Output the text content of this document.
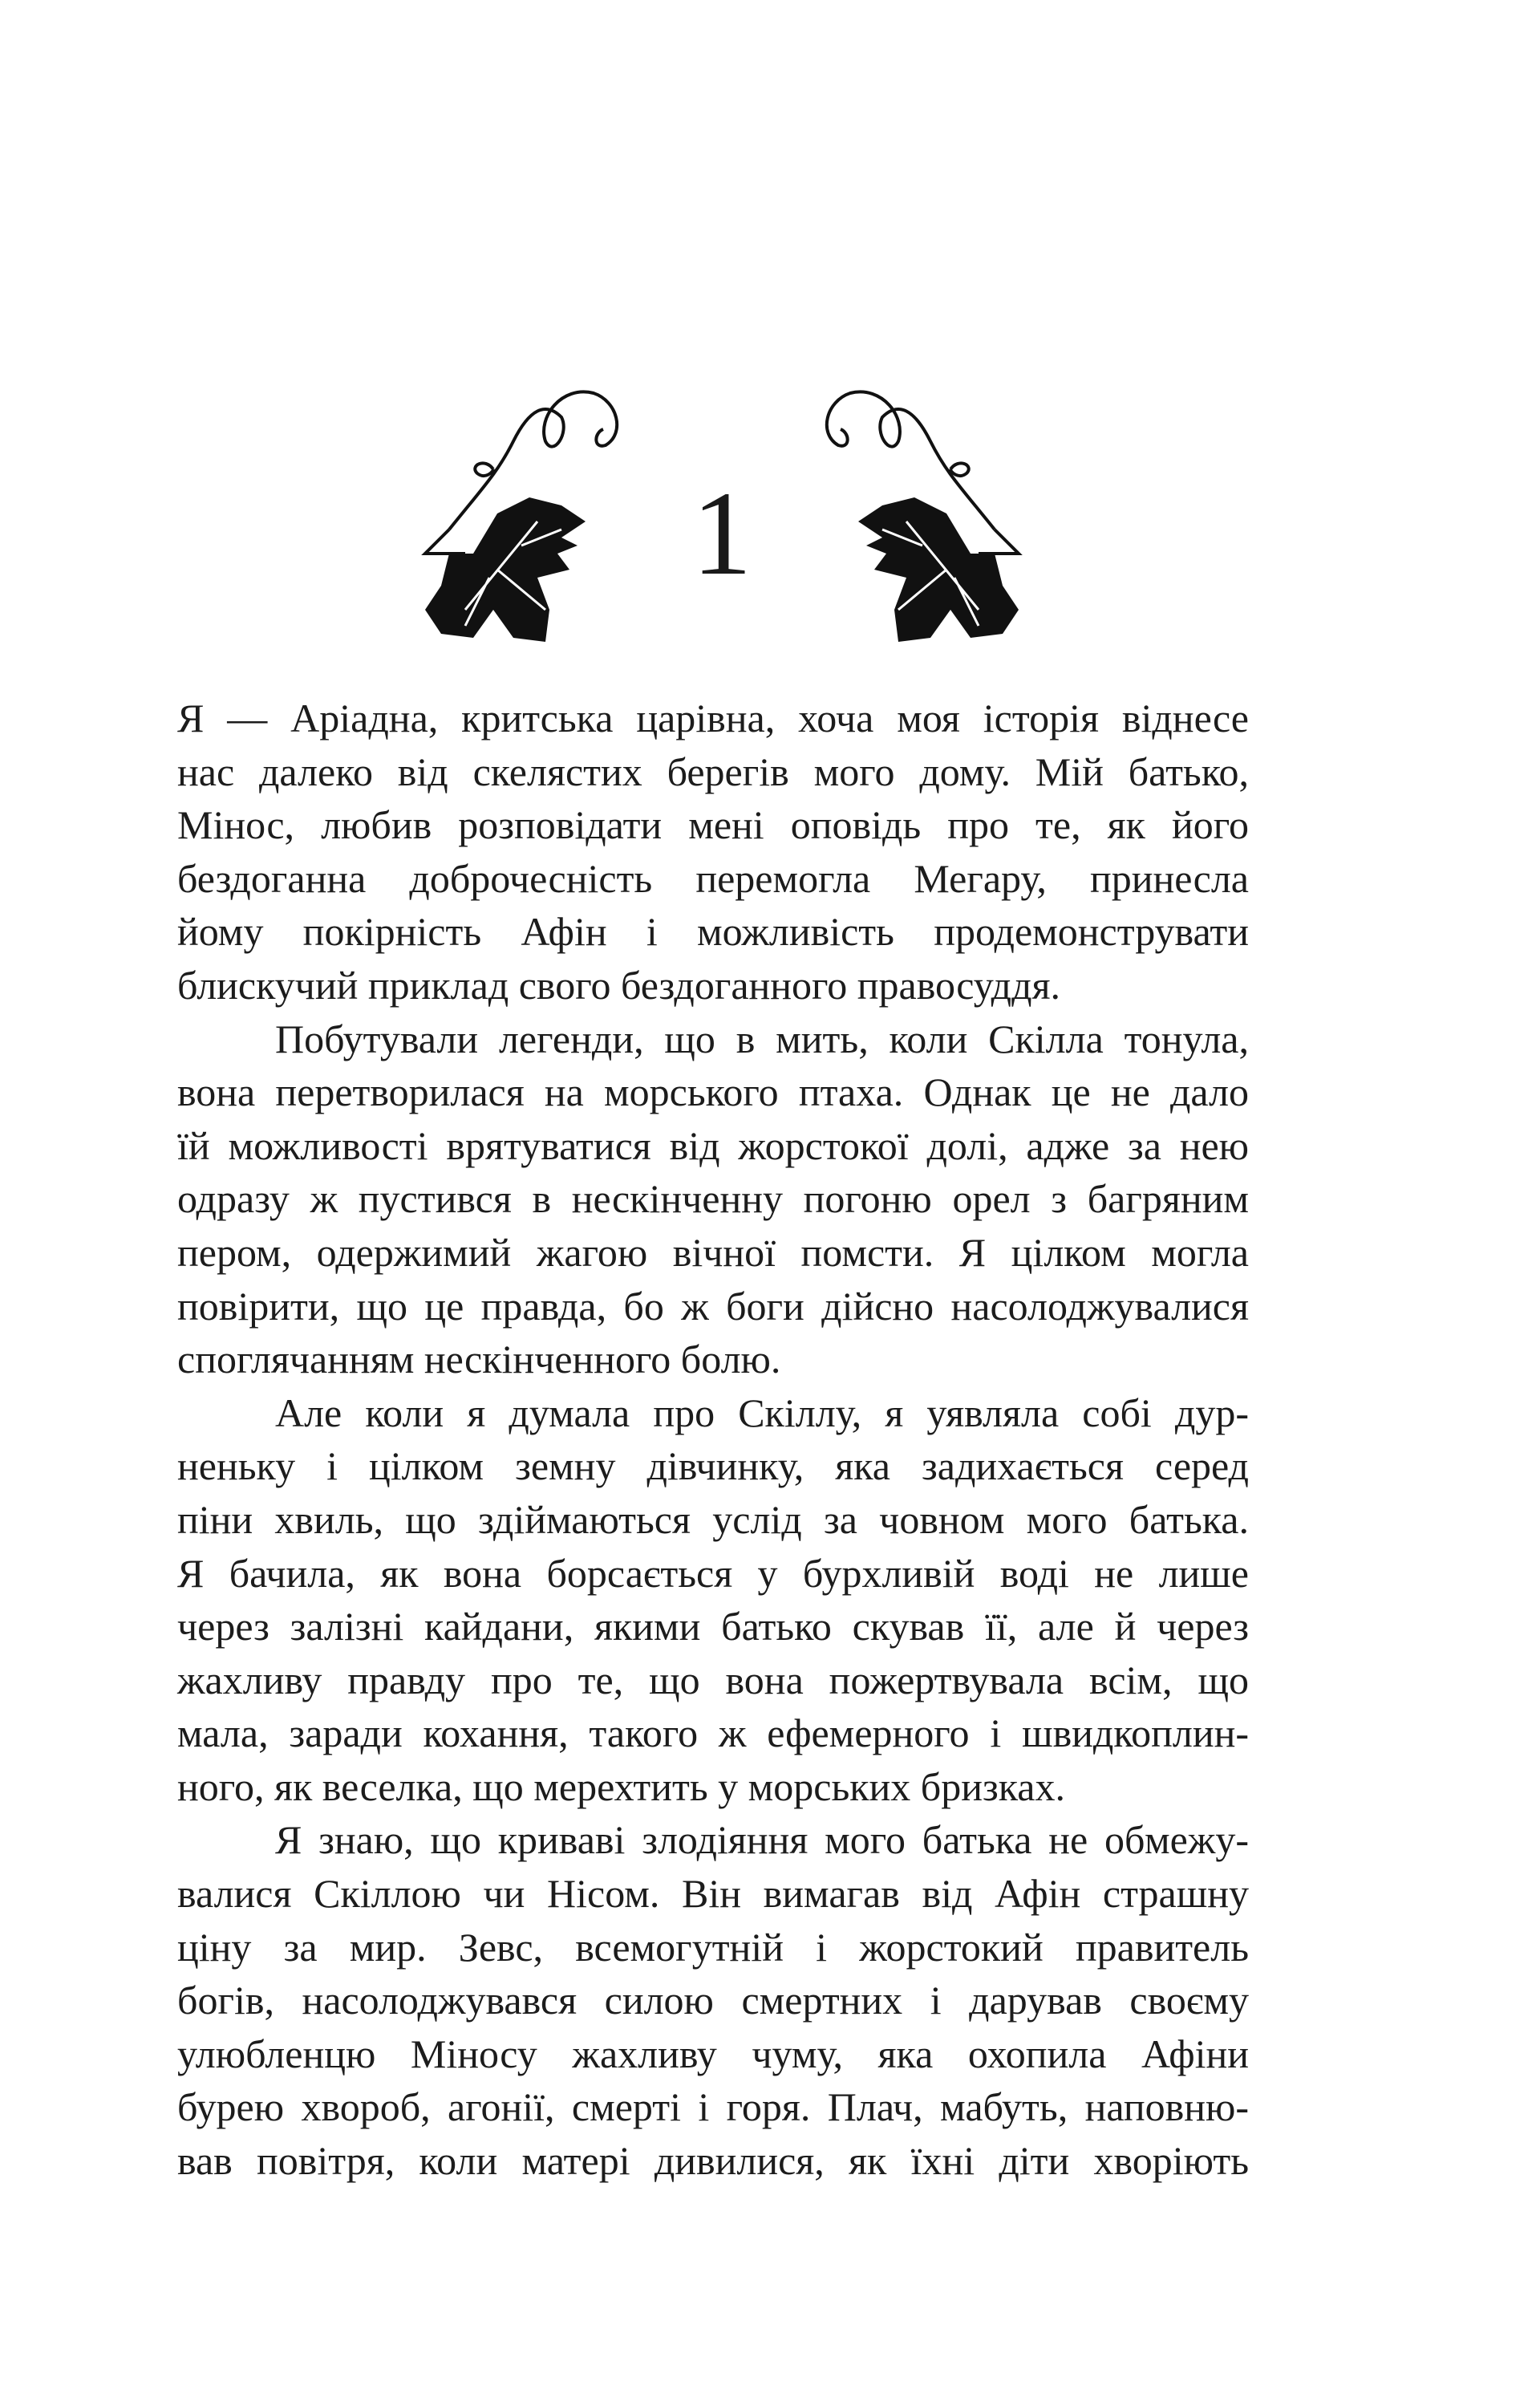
1
Я — Аріадна, критська царівна, хоча моя історія віднесе
нас далеко від скелястих берегів мого дому. Мій батько,
Мінос, любив розповідати мені оповідь про те, як його
бездоганна доброчесність перемогла Мегару, принесла
йому покірність Афін і можливість продемонструвати
блискучий приклад свого бездоганного правосуддя.
Побутували легенди, що в мить, коли Скілла тонула,
вона перетворилася на морського птаха. Однак це не дало
їй можливості врятуватися від жорстокої долі, адже за нею
одразу ж пустився в нескінченну погоню орел з багряним
пером, одержимий жагою вічної помсти. Я цілком могла
повірити, що це правда, бо ж боги дійсно насолоджувалися
споглячанням нескінченного болю.
Але коли я думала про Скіллу, я уявляла собі дур-
неньку і цілком земну дівчинку, яка задихається серед
піни хвиль, що здіймаються услід за човном мого батька.
Я бачила, як вона борсається у бурхливій воді не лише
через залізні кайдани, якими батько скував її, але й через
жахливу правду про те, що вона пожертвувала всім, що
мала, заради кохання, такого ж ефемерного і швидкоплин-
ного, як веселка, що мерехтить у морських бризках.
Я знаю, що криваві злодіяння мого батька не обмежу-
валися Скіллою чи Нісом. Він вимагав від Афін страшну
ціну за мир. Зевс, всемогутній і жорстокий правитель
богів, насолоджувався силою смертних і дарував своєму
улюбленцю Міносу жахливу чуму, яка охопила Афіни
бурею хвороб, агонії, смерті і горя. Плач, мабуть, наповню-
вав повітря, коли матері дивилися, як їхні діти хворіють
